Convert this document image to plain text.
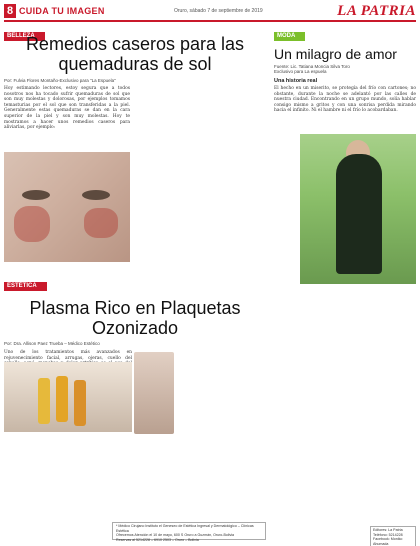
8 CUIDA TU IMAGEN	Oruro, sábado 7 de septiembre de 2019	LA PATRIA
BELLEZA
Remedios caseros para las quemaduras de sol
Por: Fulvia Flores Montaño-Exclusivo para "La Espuela"

Hoy estimando lectores, estoy segura que a todos nosotros nos ha tocado sufrir quemaduras de sol que son muy molestas y dolorosas, por ejemplos tomamos temasturias por el sol que son transferidas a la piel. Generalmente estas quemaduras se dan en la cara superior de la piel y son muy molestas. Hoy te mostramos a hacer unos remedios caseros para aliviarlas, por ejemplo:

ESTÉTICA
Plasma Rico en Plaquetas Ozonizado
Por: Dra. Allison Paez Trueba – Médico Estético

Uno de los tratamientos más avanzados en rejuvenecimiento facial, arrugas, ojeras, cuello del

* Médico Cirujano Instituto el Geneseo de Estética Ingresal y Dermatológico – Clínicas Estética
Ofrecemos Atención el 10 de mayo, 600 S Oruro a Guzmán, Oruro-Bolivia
Reservas al 5214228 – 6910 2503 – Oruro – Bolivia
MODA
Un milagro de amor
Fuente: Lic. Tatiana Moncia Silva Toro
Exclusivo para La espuela
Una historia real

El hecho en un miserito, se protegía del frío con cartones; no obstante, durante la noche se adelantó por las calles de nuestra ciudad. Encontrando en un grupo mundo, solía hablar consigo mismo a gritos y con una sonrisa perdida mirando hacia el infinito. Ni el hambre ni el frío lo acobardaban.

Editores: La Patria
Teléfono: 5214228
Facebook: Moniko Ahumada
